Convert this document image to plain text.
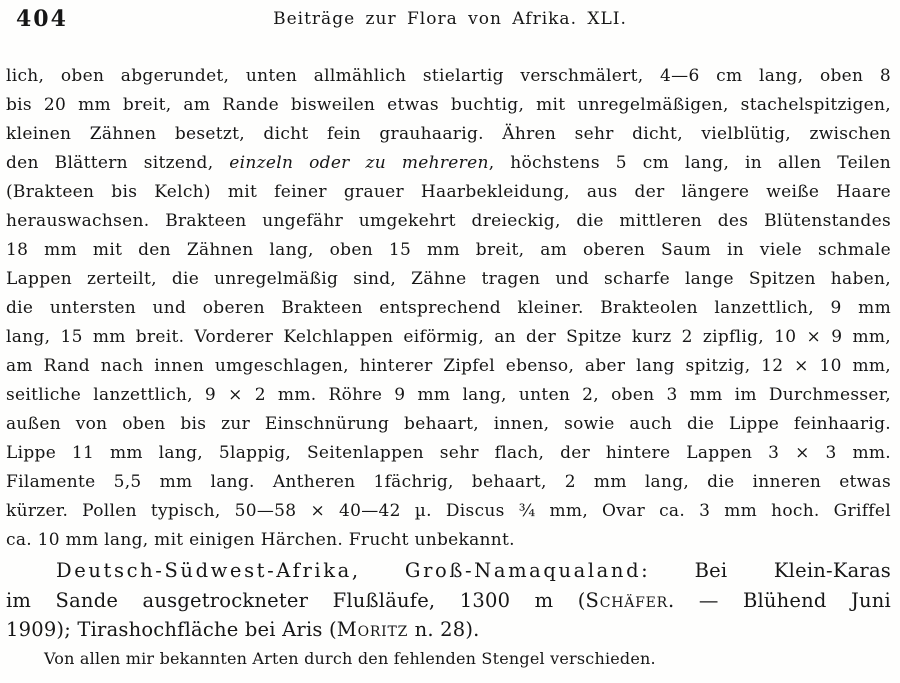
404	Beiträge zur Flora von Afrika. XLI.
lich, oben abgerundet, unten allmählich stielartig verschmälert, 4—6 cm lang, oben 8
bis 20 mm breit, am Rande bisweilen etwas buchtig, mit unregelmäßigen, stachelspitzigen,
kleinen Zähnen besetzt, dicht fein grauhaarig. Ähren sehr dicht, vielblütig, zwischen
den Blättern sitzend, einzeln oder zu mehreren, höchstens 5 cm lang, in allen Teilen
(Brakteen bis Kelch) mit feiner grauer Haarbekleidung, aus der längere weiße Haare
herauswachsen. Brakteen ungefähr umgekehrt dreieckig, die mittleren des Blütenstandes
18 mm mit den Zähnen lang, oben 15 mm breit, am oberen Saum in viele schmale
Lappen zerteilt, die unregelmäßig sind, Zähne tragen und scharfe lange Spitzen haben,
die untersten und oberen Brakteen entsprechend kleiner. Brakteolen lanzettlich, 9 mm
lang, 15 mm breit. Vorderer Kelchlappen eiförmig, an der Spitze kurz 2 zipflig, 10 × 9 mm,
am Rand nach innen umgeschlagen, hinterer Zipfel ebenso, aber lang spitzig, 12 × 10 mm,
seitliche lanzettlich, 9 × 2 mm. Röhre 9 mm lang, unten 2, oben 3 mm im Durchmesser,
außen von oben bis zur Einschnürung behaart, innen, sowie auch die Lippe feinhaarig.
Lippe 11 mm lang, 5lappig, Seitenlappen sehr flach, der hintere Lappen 3 × 3 mm.
Filamente 5,5 mm lang. Antheren 1fächrig, behaart, 2 mm lang, die inneren etwas
kürzer. Pollen typisch, 50—58 × 40—42 µ. Discus ¾ mm, Ovar ca. 3 mm hoch. Griffel
ca. 10 mm lang, mit einigen Härchen. Frucht unbekannt.
Deutsch-Südwest-Afrika, Groß-Namaqualand: Bei Klein-Karas
im Sande ausgetrockneter Flußläufe, 1300 m (Schäfer. — Blühend Juni
1909); Tirashochfläche bei Aris (Moritz n. 28).
Von allen mir bekannten Arten durch den fehlenden Stengel verschieden.
